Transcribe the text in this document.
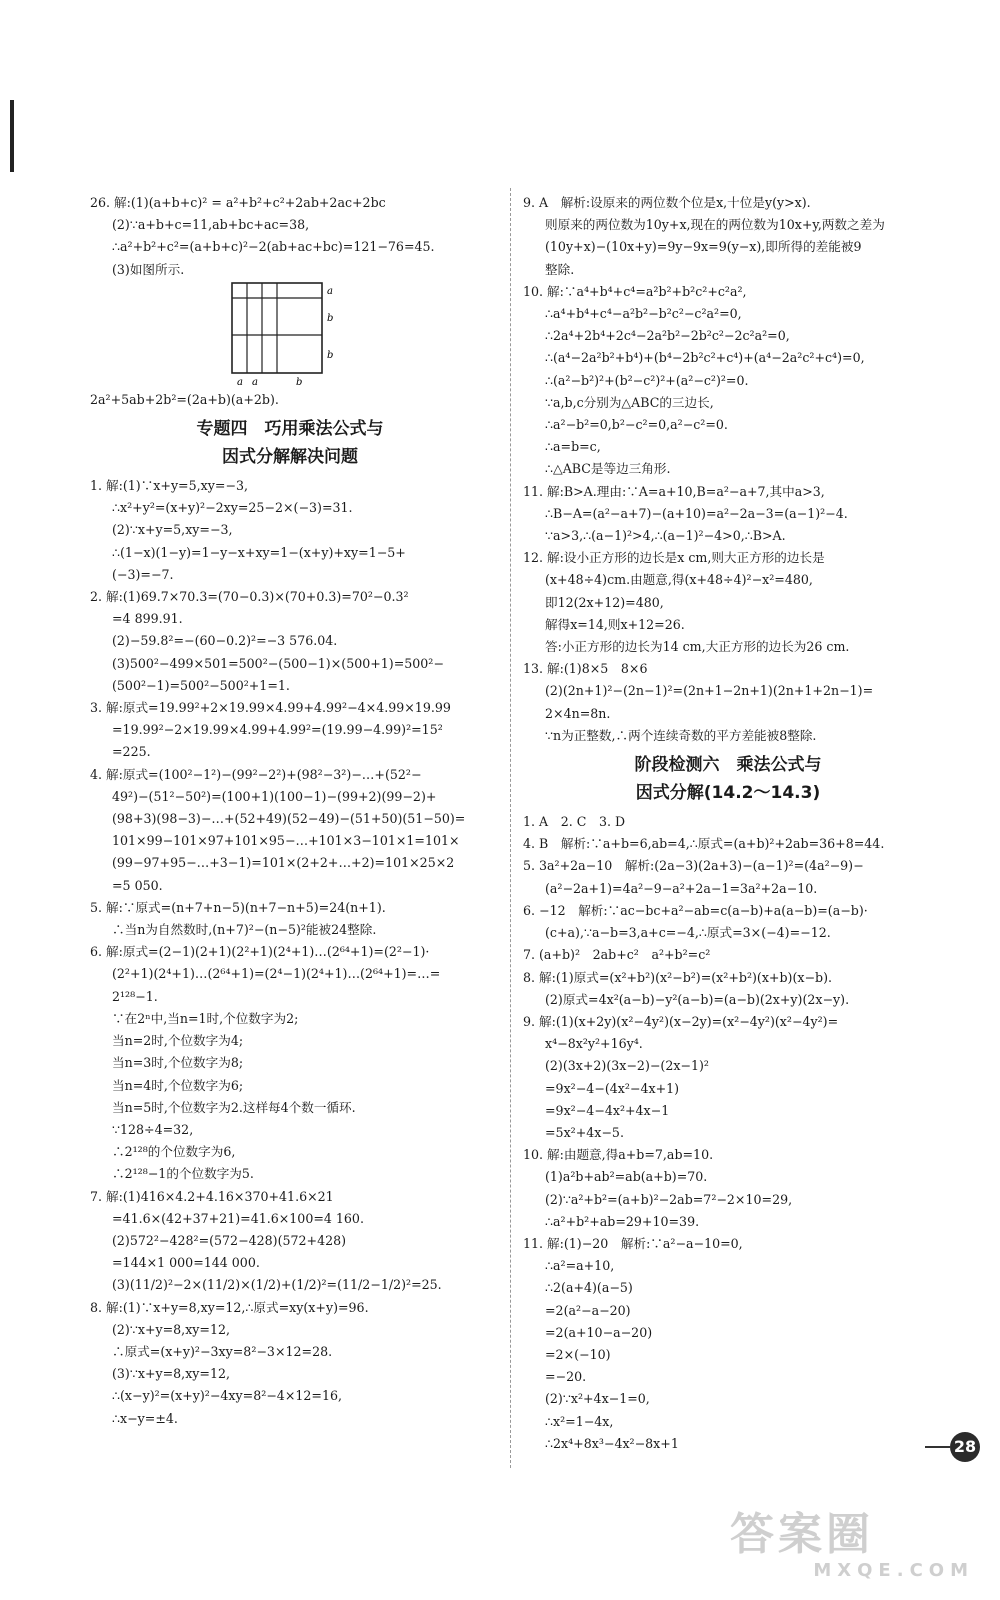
26. 解:(1)(a+b+c)² = a²+b²+c²+2ab+2ac+2bc
(2)∵a+b+c=11,ab+bc+ac=38,
∴a²+b²+c²=(a+b+c)²−2(ab+ac+bc)=121−76=45.
(3)如图所示.
a
b
b
a a	b
2a²+5ab+2b²=(2a+b)(a+2b).
专题四　巧用乘法公式与
因式分解解决问题
1. 解:(1)∵x+y=5,xy=−3,
∴x²+y²=(x+y)²−2xy=25−2×(−3)=31.
(2)∵x+y=5,xy=−3,
∴(1−x)(1−y)=1−y−x+xy=1−(x+y)+xy=1−5+
(−3)=−7.
2. 解:(1)69.7×70.3=(70−0.3)×(70+0.3)=70²−0.3²
=4 899.91.
(2)−59.8²=−(60−0.2)²=−3 576.04.
(3)500²−499×501=500²−(500−1)×(500+1)=500²−
(500²−1)=500²−500²+1=1.
3. 解:原式=19.99²+2×19.99×4.99+4.99²−4×4.99×19.99
=19.99²−2×19.99×4.99+4.99²=(19.99−4.99)²=15²
=225.
4. 解:原式=(100²−1²)−(99²−2²)+(98²−3²)−…+(52²−
49²)−(51²−50²)=(100+1)(100−1)−(99+2)(99−2)+
(98+3)(98−3)−…+(52+49)(52−49)−(51+50)(51−50)=
101×99−101×97+101×95−…+101×3−101×1=101×
(99−97+95−…+3−1)=101×(2+2+…+2)=101×25×2
=5 050.
5. 解:∵原式=(n+7+n−5)(n+7−n+5)=24(n+1).
∴当n为自然数时,(n+7)²−(n−5)²能被24整除.
6. 解:原式=(2−1)(2+1)(2²+1)(2⁴+1)…(2⁶⁴+1)=(2²−1)·
(2²+1)(2⁴+1)…(2⁶⁴+1)=(2⁴−1)(2⁴+1)…(2⁶⁴+1)=…=
2¹²⁸−1.
∵在2ⁿ中,当n=1时,个位数字为2;
当n=2时,个位数字为4;
当n=3时,个位数字为8;
当n=4时,个位数字为6;
当n=5时,个位数字为2.这样每4个数一循环.
∵128÷4=32,
∴2¹²⁸的个位数字为6,
∴2¹²⁸−1的个位数字为5.
7. 解:(1)416×4.2+4.16×370+41.6×21
=41.6×(42+37+21)=41.6×100=4 160.
(2)572²−428²=(572−428)(572+428)
=144×1 000=144 000.
(3)(11/2)²−2×(11/2)×(1/2)+(1/2)²=(11/2−1/2)²=25.
8. 解:(1)∵x+y=8,xy=12,∴原式=xy(x+y)=96.
(2)∵x+y=8,xy=12,
∴原式=(x+y)²−3xy=8²−3×12=28.
(3)∵x+y=8,xy=12,
∴(x−y)²=(x+y)²−4xy=8²−4×12=16,
∴x−y=±4.
9. A　解析:设原来的两位数个位是x,十位是y(y>x).
则原来的两位数为10y+x,现在的两位数为10x+y,两数之差为
(10y+x)−(10x+y)=9y−9x=9(y−x),即所得的差能被9
整除.
10. 解:∵a⁴+b⁴+c⁴=a²b²+b²c²+c²a²,
∴a⁴+b⁴+c⁴−a²b²−b²c²−c²a²=0,
∴2a⁴+2b⁴+2c⁴−2a²b²−2b²c²−2c²a²=0,
∴(a⁴−2a²b²+b⁴)+(b⁴−2b²c²+c⁴)+(a⁴−2a²c²+c⁴)=0,
∴(a²−b²)²+(b²−c²)²+(a²−c²)²=0.
∵a,b,c分别为△ABC的三边长,
∴a²−b²=0,b²−c²=0,a²−c²=0.
∴a=b=c,
∴△ABC是等边三角形.
11. 解:B>A.理由:∵A=a+10,B=a²−a+7,其中a>3,
∴B−A=(a²−a+7)−(a+10)=a²−2a−3=(a−1)²−4.
∵a>3,∴(a−1)²>4,∴(a−1)²−4>0,∴B>A.
12. 解:设小正方形的边长是x cm,则大正方形的边长是
(x+48÷4)cm.由题意,得(x+48÷4)²−x²=480,
即12(2x+12)=480,
解得x=14,则x+12=26.
答:小正方形的边长为14 cm,大正方形的边长为26 cm.
13. 解:(1)8×5　8×6
(2)(2n+1)²−(2n−1)²=(2n+1−2n+1)(2n+1+2n−1)=
2×4n=8n.
∵n为正整数,∴两个连续奇数的平方差能被8整除.
阶段检测六　乘法公式与
因式分解(14.2～14.3)
1. A　2. C　3. D
4. B　解析:∵a+b=6,ab=4,∴原式=(a+b)²+2ab=36+8=44.
5. 3a²+2a−10　解析:(2a−3)(2a+3)−(a−1)²=(4a²−9)−
(a²−2a+1)=4a²−9−a²+2a−1=3a²+2a−10.
6. −12　解析:∵ac−bc+a²−ab=c(a−b)+a(a−b)=(a−b)·
(c+a),∵a−b=3,a+c=−4,∴原式=3×(−4)=−12.
7. (a+b)²　2ab+c²　a²+b²=c²
8. 解:(1)原式=(x²+b²)(x²−b²)=(x²+b²)(x+b)(x−b).
(2)原式=4x²(a−b)−y²(a−b)=(a−b)(2x+y)(2x−y).
9. 解:(1)(x+2y)(x²−4y²)(x−2y)=(x²−4y²)(x²−4y²)=
x⁴−8x²y²+16y⁴.
(2)(3x+2)(3x−2)−(2x−1)²
=9x²−4−(4x²−4x+1)
=9x²−4−4x²+4x−1
=5x²+4x−5.
10. 解:由题意,得a+b=7,ab=10.
(1)a²b+ab²=ab(a+b)=70.
(2)∵a²+b²=(a+b)²−2ab=7²−2×10=29,
∴a²+b²+ab=29+10=39.
11. 解:(1)−20　解析:∵a²−a−10=0,
∴a²=a+10,
∴2(a+4)(a−5)
=2(a²−a−20)
=2(a+10−a−20)
=2×(−10)
=−20.
(2)∵x²+4x−1=0,
∴x²=1−4x,
∴2x⁴+8x³−4x²−8x+1	28
答案圈
MXQE.COM
